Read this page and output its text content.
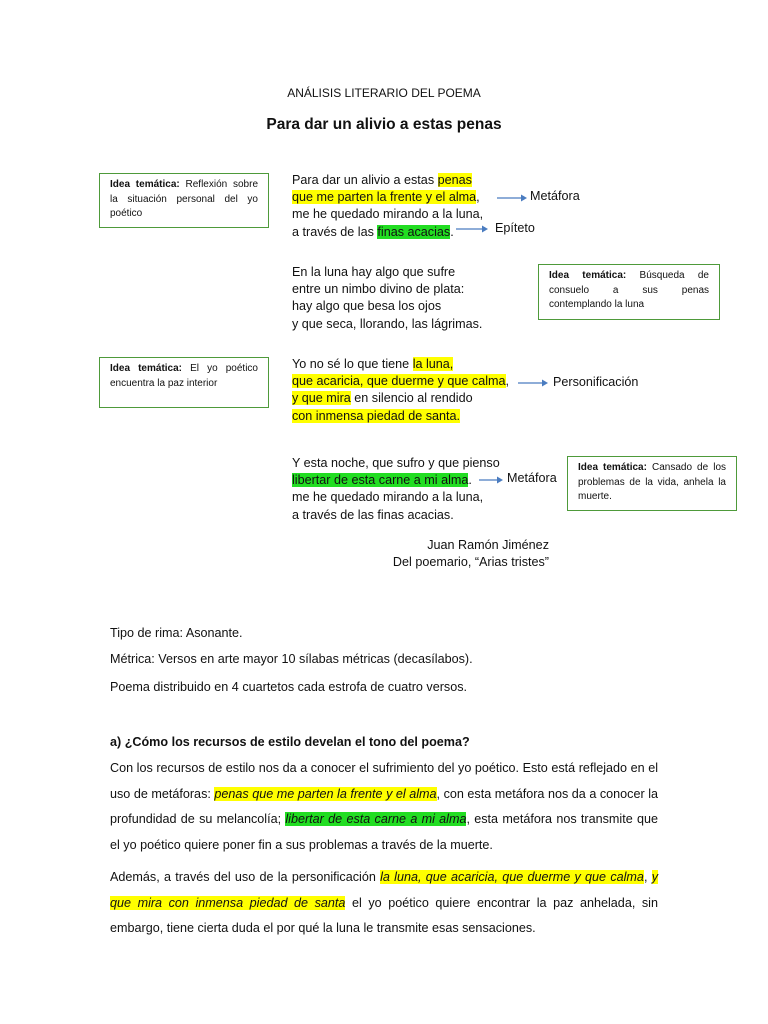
ANÁLISIS LITERARIO DEL POEMA
Para dar un alivio a estas penas
Idea temática: Reflexión sobre la situación personal del yo poético
Idea temática: Búsqueda de consuelo a sus penas contemplando la luna
Idea temática: El yo poético encuentra la paz interior
Idea temática: Cansado de los problemas de la vida, anhela la muerte.
Para dar un alivio a estas penas
que me parten la frente y el alma,
me he quedado mirando a la luna,
a través de las finas acacias.
En la luna hay algo que sufre
entre un nimbo divino de plata:
hay algo que besa los ojos
y que seca, llorando, las lágrimas.
Yo no sé lo que tiene la luna,
que acaricia, que duerme y que calma,
y que mira en silencio al rendido
con inmensa piedad de santa.
Y esta noche, que sufro y que pienso
libertar de esta carne a mi alma.
me he quedado mirando a la luna,
a través de las finas acacias.
Metáfora
Epíteto
Personificación
Metáfora
Juan Ramón Jiménez
Del poemario, “Arias tristes”
Tipo de rima: Asonante.
Métrica: Versos en arte mayor 10 sílabas métricas (decasílabos).
Poema distribuido en 4 cuartetos cada estrofa de cuatro versos.
a) ¿Cómo los recursos de estilo develan el tono del poema?
Con los recursos de estilo nos da a conocer el sufrimiento del yo poético. Esto está reflejado en el uso de metáforas: penas que me parten la frente y el alma, con esta metáfora nos da a conocer la profundidad de su melancolía; libertar de esta carne a mi alma, esta metáfora nos transmite que el yo poético quiere poner fin a sus problemas a través de la muerte.
Además, a través del uso de la personificación la luna, que acaricia, que duerme y que calma, y que mira con inmensa piedad de santa el yo poético quiere encontrar la paz anhelada, sin embargo, tiene cierta duda el por qué la luna le transmite esas sensaciones.
